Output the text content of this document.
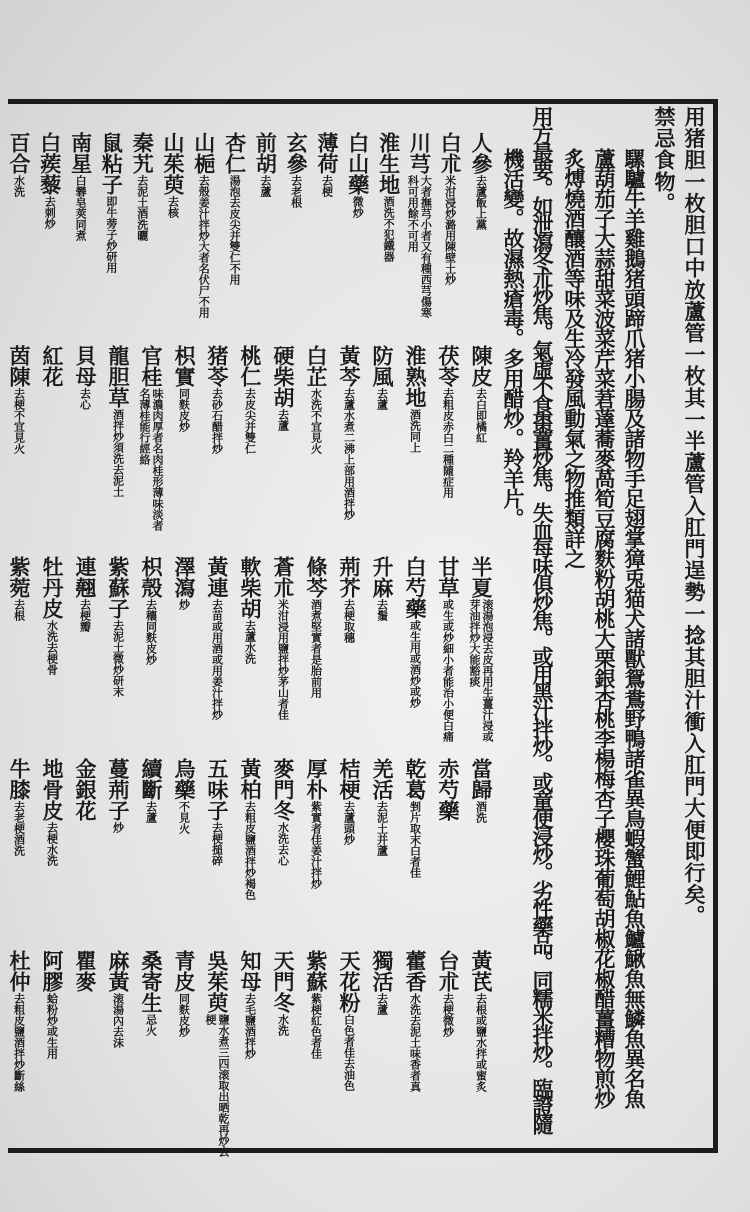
用猪胆一枚胆口中放蘆管一枚其一半蘆管入肛門逞勢一捻其胆汁衝入肛門大便即行矣。
禁忌食物。
騾驢牛羊雞鵝猪頭蹄爪猪小腸及諸物手足翅掌獐兎猫犬諸獸鴛鴦野鴨諸雀異鳥蝦蟹鯉鮎魚鱸鰍魚無鱗魚異名魚
蘆葫茄子大蒜甜菜波菜芹菜莙薘蕎麥萵筍豆腐麩粉胡桃大栗銀杏桃李楊梅杏子櫻珠葡萄胡椒花椒醋薑糟物煎炒
炙煿燒酒釀酒等味及生冷發風動氣之物推類詳之
用方最要。如泄瀉冬朮炒焦。氣虛不食棗薑炒焦。失血每味俱炒焦。或用黑汁拌炒。或童便浸炒。劣性藥品。同糯米拌炒。臨證隨
機活變。故濕熱瘡毒。多用醋炒。羚羊片。
人參
去蘆飯上黨
白朮
米泔浸炒潞用陳壁土炒
川芎
大者撫芎小者又有種西芎傷寒科可用餘不可用
淮生地
酒洗不犯鐵器
白山藥
微炒
薄荷
去梗
玄參
去老根
前胡
去蘆
杏仁
湯泡去皮尖并雙仁不用
山梔
去殼姜汁拌炒大者名伏尸不用
山茱萸
去核
秦艽
去泥土酒洗曬
鼠粘子
即牛蒡子炒研用
南星
白礬皂莢同煮
白蒺藜
去刺炒
百合
水洗
陳皮
去白即橘紅
茯苓
去粗皮赤白二種隨症用
淮熟地
酒洗同上
防風
去蘆
黃芩
去蘆水煮二沸上部用酒拌炒
白芷
水洗不宜見火
硬柴胡
去蘆
桃仁
去皮尖并雙仁
猪苓
去砂石醋拌炒
枳實
同麩皮炒
官桂
味濃肉厚者名肉桂形薄味淡者名薄桂能行經絡
龍胆草
酒拌炒須洗去泥土
貝母
去心
紅花
茵陳
去梗不宜見火
半夏
滚湯泡浸去皮再用生薑汁浸或芽油拌炒大能豁痰
甘草
或生或炒細小者能治小便白痛
白芍藥
或生用或酒炒或炒
升麻
去鬚
荊芥
去梗取穗
條芩
酒煮堅實者是胎前用
蒼朮
米泔浸用鹽拌炒茅山者佳
軟柴胡
去蘆水洗
黃連
去苗或用酒或用姜汁拌炒
澤瀉
炒
枳殼
去穰同麩皮炒
紫蘇子
去泥土微炒研末
連翹
去梗瓣
牡丹皮
水洗去梗骨
紫菀
去根
當歸
酒洗
赤芍藥
乾葛
剉片取末白者佳
羌活
去泥土并蘆
桔梗
去蘆頭炒
厚朴
紫實者佳姜汁拌炒
麥門冬
水洗去心
黃柏
去粗皮鹽酒拌炒褐色
五味子
去梗搥碎
烏藥
不見火
續斷
去蘆
蔓荊子
炒
金銀花
地骨皮
去梗水洗
牛膝
去老梗酒洗
黃芪
去根或鹽水拌或蜜炙
台朮
去梗微炒
藿香
水洗去泥土味香者真
獨活
去蘆
天花粉
白色者佳去油色
紫蘇
紫梗紅色者佳
天門冬
水洗
知母
去毛鹽酒拌炒
吳茱萸
鹽水煮三四滚取出晒乾再炒去梗
青皮
同麩皮炒
桑寄生
忌火
麻黃
滚湯內去沫
瞿麥
阿膠
蛤粉炒或生用
杜仲
去粗皮鹽酒拌炒斷絲
